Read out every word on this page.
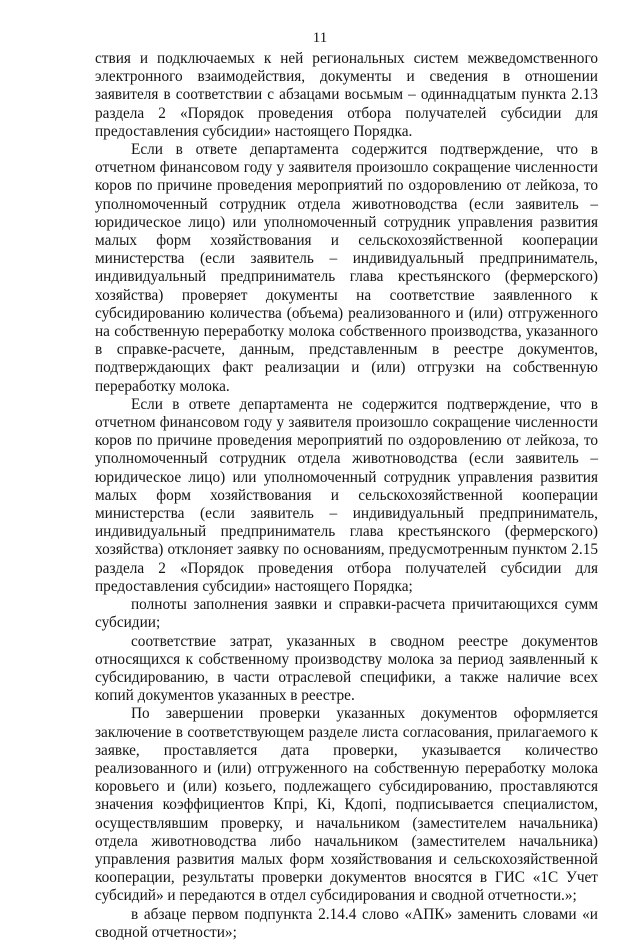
11

ствия и подключаемых к ней региональных систем межведомственного электронного взаимодействия, документы и сведения в отношении заявителя в соответствии с абзацами восьмым – одиннадцатым пункта 2.13 раздела 2 «Порядок проведения отбора получателей субсидии для предоставления субсидии» настоящего Порядка.

Если в ответе департамента содержится подтверждение, что в отчетном финансовом году у заявителя произошло сокращение численности коров по причине проведения мероприятий по оздоровлению от лейкоза, то уполномоченный сотрудник отдела животноводства (если заявитель – юридическое лицо) или уполномоченный сотрудник управления развития малых форм хозяйствования и сельскохозяйственной кооперации министерства (если заявитель – индивидуальный предприниматель, индивидуальный предприниматель глава крестьянского (фермерского) хозяйства) проверяет документы на соответствие заявленного к субсидированию количества (объема) реализованного и (или) отгруженного на собственную переработку молока собственного производства, указанного в справке-расчете, данным, представленным в реестре документов, подтверждающих факт реализации и (или) отгрузки на собственную переработку молока.

Если в ответе департамента не содержится подтверждение, что в отчетном финансовом году у заявителя произошло сокращение численности коров по причине проведения мероприятий по оздоровлению от лейкоза, то уполномоченный сотрудник отдела животноводства (если заявитель – юридическое лицо) или уполномоченный сотрудник управления развития малых форм хозяйствования и сельскохозяйственной кооперации министерства (если заявитель – индивидуальный предприниматель, индивидуальный предприниматель глава крестьянского (фермерского) хозяйства) отклоняет заявку по основаниям, предусмотренным пунктом 2.15 раздела 2 «Порядок проведения отбора получателей субсидии для предоставления субсидии» настоящего Порядка;

полноты заполнения заявки и справки-расчета причитающихся сумм субсидии;

соответствие затрат, указанных в сводном реестре документов относящихся к собственному производству молока за период заявленный к субсидированию, в части отраслевой специфики, а также наличие всех копий документов указанных в реестре.

По завершении проверки указанных документов оформляется заключение в соответствующем разделе листа согласования, прилагаемого к заявке, проставляется дата проверки, указывается количество реализованного и (или) отгруженного на собственную переработку молока коровьего и (или) козьего, подлежащего субсидированию, проставляются значения коэффициентов Кпрі, Кі, Кдопі, подписывается специалистом, осуществлявшим проверку, и начальником (заместителем начальника) отдела животноводства либо начальником (заместителем начальника) управления развития малых форм хозяйствования и сельскохозяйственной кооперации, результаты проверки документов вносятся в ГИС «1С Учет субсидий» и передаются в отдел субсидирования и сводной отчетности.»;

в абзаце первом подпункта 2.14.4 слово «АПК» заменить словами «и сводной отчетности»;
